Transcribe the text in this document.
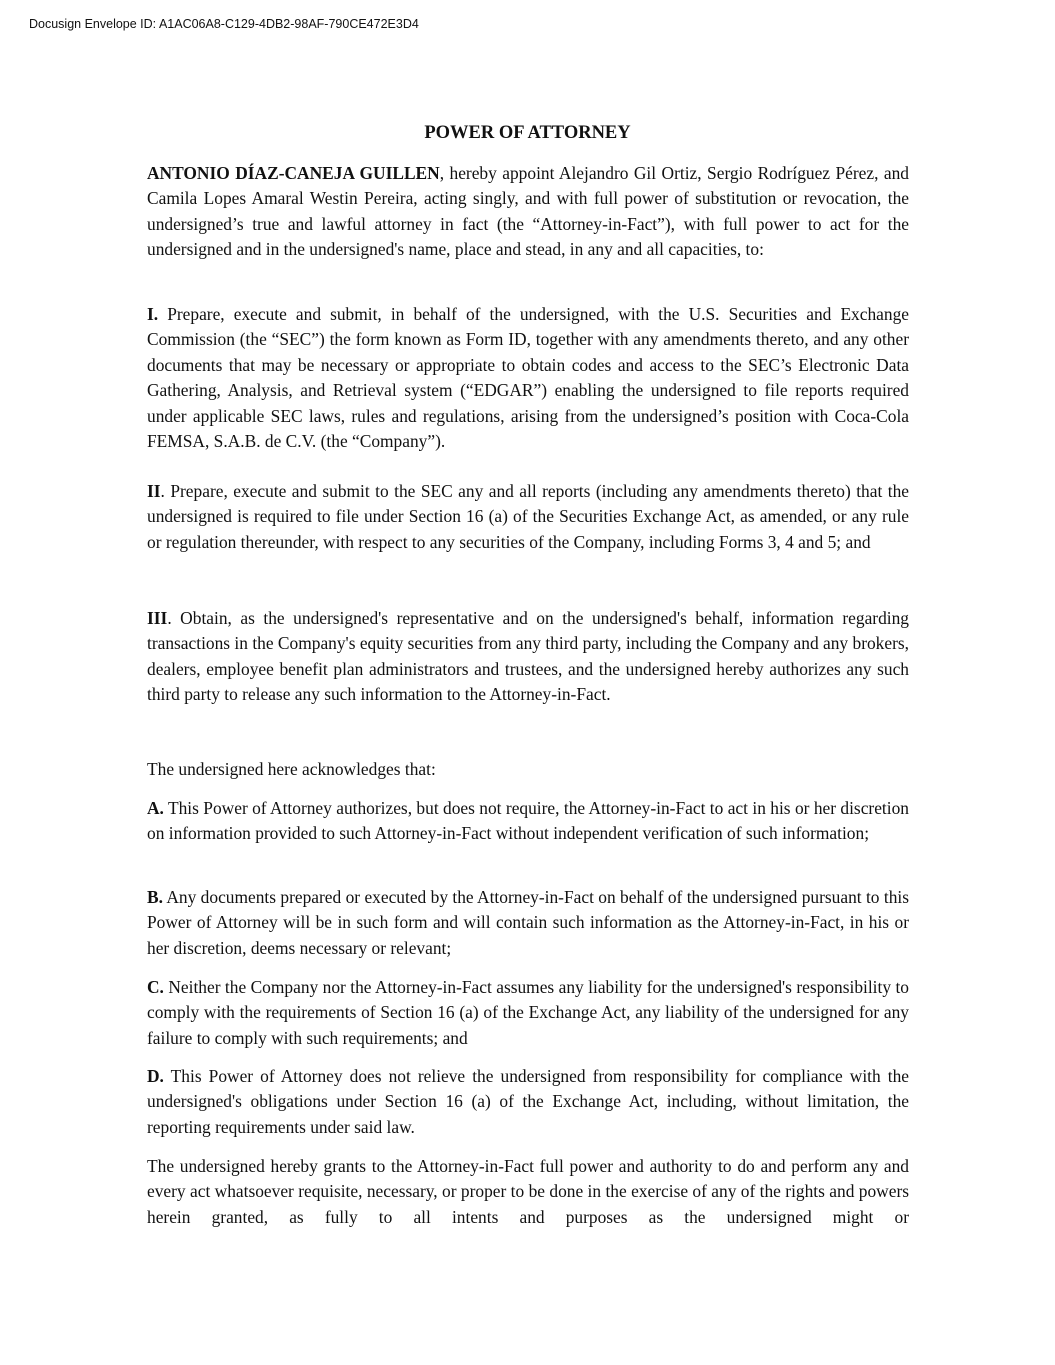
Docusign Envelope ID: A1AC06A8-C129-4DB2-98AF-790CE472E3D4
POWER OF ATTORNEY

ANTONIO DÍAZ-CANEJA GUILLEN, hereby appoint Alejandro Gil Ortiz, Sergio Rodríguez Pérez, and Camila Lopes Amaral Westin Pereira, acting singly, and with full power of substitution or revocation, the undersigned’s true and lawful attorney in fact (the “Attorney-in-Fact”), with full power to act for the undersigned and in the undersigned's name, place and stead, in any and all capacities, to:

I. Prepare, execute and submit, in behalf of the undersigned, with the U.S. Securities and Exchange Commission (the “SEC”) the form known as Form ID, together with any amendments thereto, and any other documents that may be necessary or appropriate to obtain codes and access to the SEC’s Electronic Data Gathering, Analysis, and Retrieval system (“EDGAR”) enabling the undersigned to file reports required under applicable SEC laws, rules and regulations, arising from the undersigned’s position with Coca-Cola FEMSA, S.A.B. de C.V. (the “Company”).

II. Prepare, execute and submit to the SEC any and all reports (including any amendments thereto) that the undersigned is required to file under Section 16 (a) of the Securities Exchange Act, as amended, or any rule or regulation thereunder, with respect to any securities of the Company, including Forms 3, 4 and 5; and

III. Obtain, as the undersigned's representative and on the undersigned's behalf, information regarding transactions in the Company's equity securities from any third party, including the Company and any brokers, dealers, employee benefit plan administrators and trustees, and the undersigned hereby authorizes any such third party to release any such information to the Attorney-in-Fact.

The undersigned here acknowledges that:

A. This Power of Attorney authorizes, but does not require, the Attorney-in-Fact to act in his or her discretion on information provided to such Attorney-in-Fact without independent verification of such information;

B. Any documents prepared or executed by the Attorney-in-Fact on behalf of the undersigned pursuant to this Power of Attorney will be in such form and will contain such information as the Attorney-in-Fact, in his or her discretion, deems necessary or relevant;

C. Neither the Company nor the Attorney-in-Fact assumes any liability for the undersigned's responsibility to comply with the requirements of Section 16 (a) of the Exchange Act, any liability of the undersigned for any failure to comply with such requirements; and

D. This Power of Attorney does not relieve the undersigned from responsibility for compliance with the undersigned's obligations under Section 16 (a) of the Exchange Act, including, without limitation, the reporting requirements under said law.

The undersigned hereby grants to the Attorney-in-Fact full power and authority to do and perform any and every act whatsoever requisite, necessary, or proper to be done in the exercise of any of the rights and powers herein granted, as fully to all intents and purposes as the undersigned might or
